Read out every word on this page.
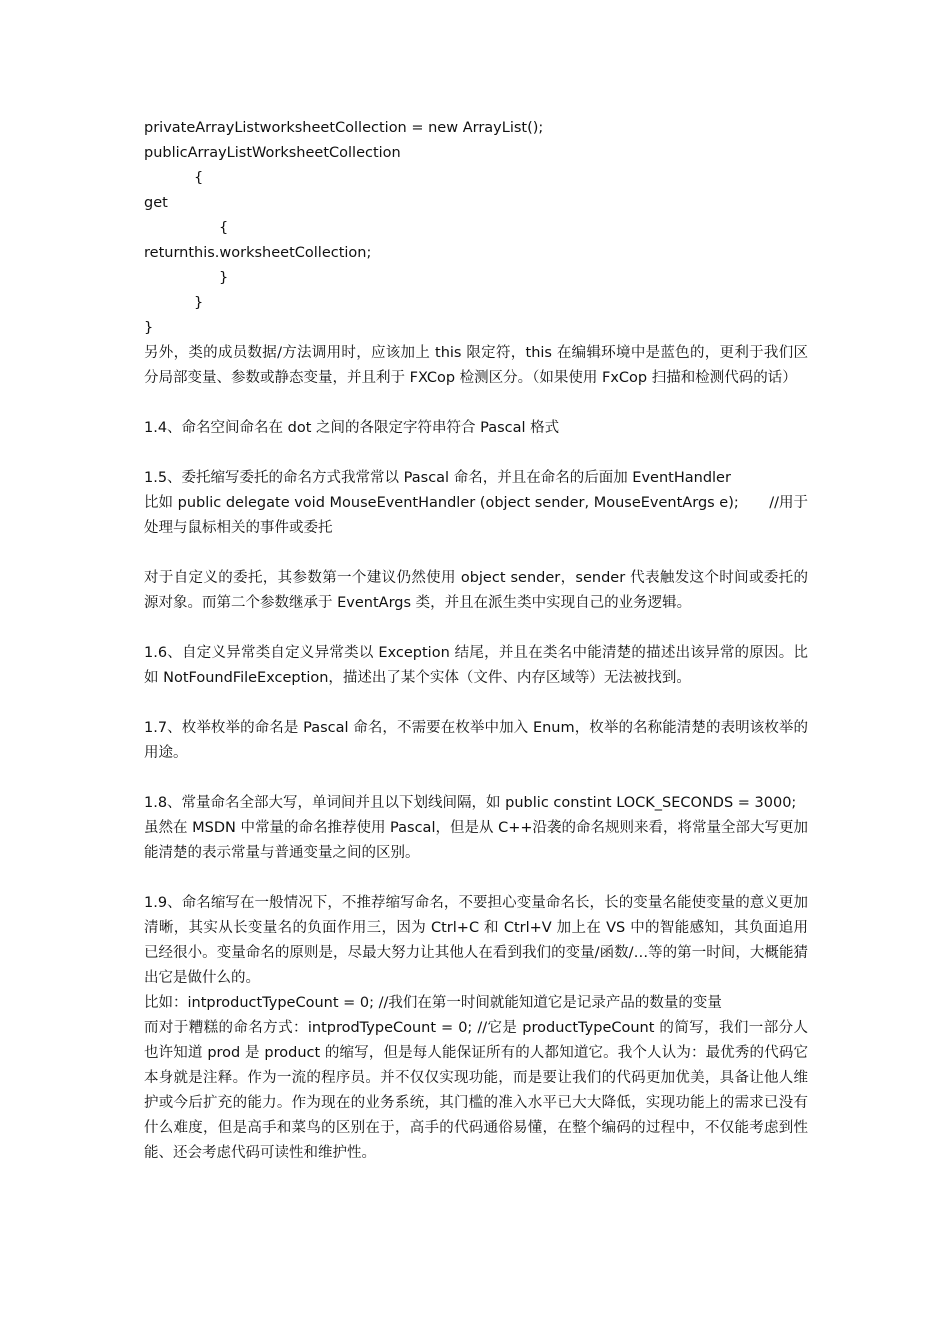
privateArrayListworksheetCollection = new ArrayList();
publicArrayListWorksheetCollection
{
get
{
returnthis.worksheetCollection;
}
}
}

另外，类的成员数据/方法调用时，应该加上 this 限定符，this 在编辑环境中是蓝色的，更利于我们区分局部变量、参数或静态变量，并且利于 FXCop 检测区分。（如果使用 FxCop 扫描和检测代码的话）

1.4、命名空间命名在 dot 之间的各限定字符串符合 Pascal 格式

1.5、委托缩写委托的命名方式我常常以 Pascal 命名，并且在命名的后面加 EventHandler

比如 public delegate void MouseEventHandler (object sender, MouseEventArgs e); //用于

处理与鼠标相关的事件或委托

对于自定义的委托，其参数第一个建议仍然使用 object sender，sender 代表触发这个时间或委托的源对象。而第二个参数继承于 EventArgs 类，并且在派生类中实现自己的业务逻辑。

1.6、自定义异常类自定义异常类以 Exception 结尾，并且在类名中能清楚的描述出该异常的原因。比如 NotFoundFileException，描述出了某个实体（文件、内存区域等）无法被找到。

1.7、枚举枚举的命名是 Pascal 命名，不需要在枚举中加入 Enum，枚举的名称能清楚的表明该枚举的用途。

1.8、常量命名全部大写，单词间并且以下划线间隔，如 public constint LOCK_SECONDS = 3000;

虽然在 MSDN 中常量的命名推荐使用 Pascal，但是从 C++沿袭的命名规则来看，将常量全部大写更加能清楚的表示常量与普通变量之间的区别。

1.9、命名缩写在一般情况下，不推荐缩写命名，不要担心变量命名长，长的变量名能使变量的意义更加清晰，其实从长变量名的负面作用三，因为 Ctrl+C 和 Ctrl+V 加上在 VS 中的智能感知，其负面追用已经很小。变量命名的原则是，尽最大努力让其他人在看到我们的变量/函数/…等的第一时间，大概能猜出它是做什么的。

比如：intproductTypeCount = 0; //我们在第一时间就能知道它是记录产品的数量的变量

而对于糟糕的命名方式：intprodTypeCount = 0; //它是 productTypeCount 的简写，我们一部分人也许知道 prod 是 product 的缩写，但是每人能保证所有的人都知道它。我个人认为：最优秀的代码它本身就是注释。作为一流的程序员。并不仅仅实现功能，而是要让我们的代码更加优美，具备让他人维护或今后扩充的能力。作为现在的业务系统，其门槛的准入水平已大大降低，实现功能上的需求已没有什么难度，但是高手和菜鸟的区别在于，高手的代码通俗易懂，在整个编码的过程中，不仅能考虑到性能、还会考虑代码可读性和维护性。
